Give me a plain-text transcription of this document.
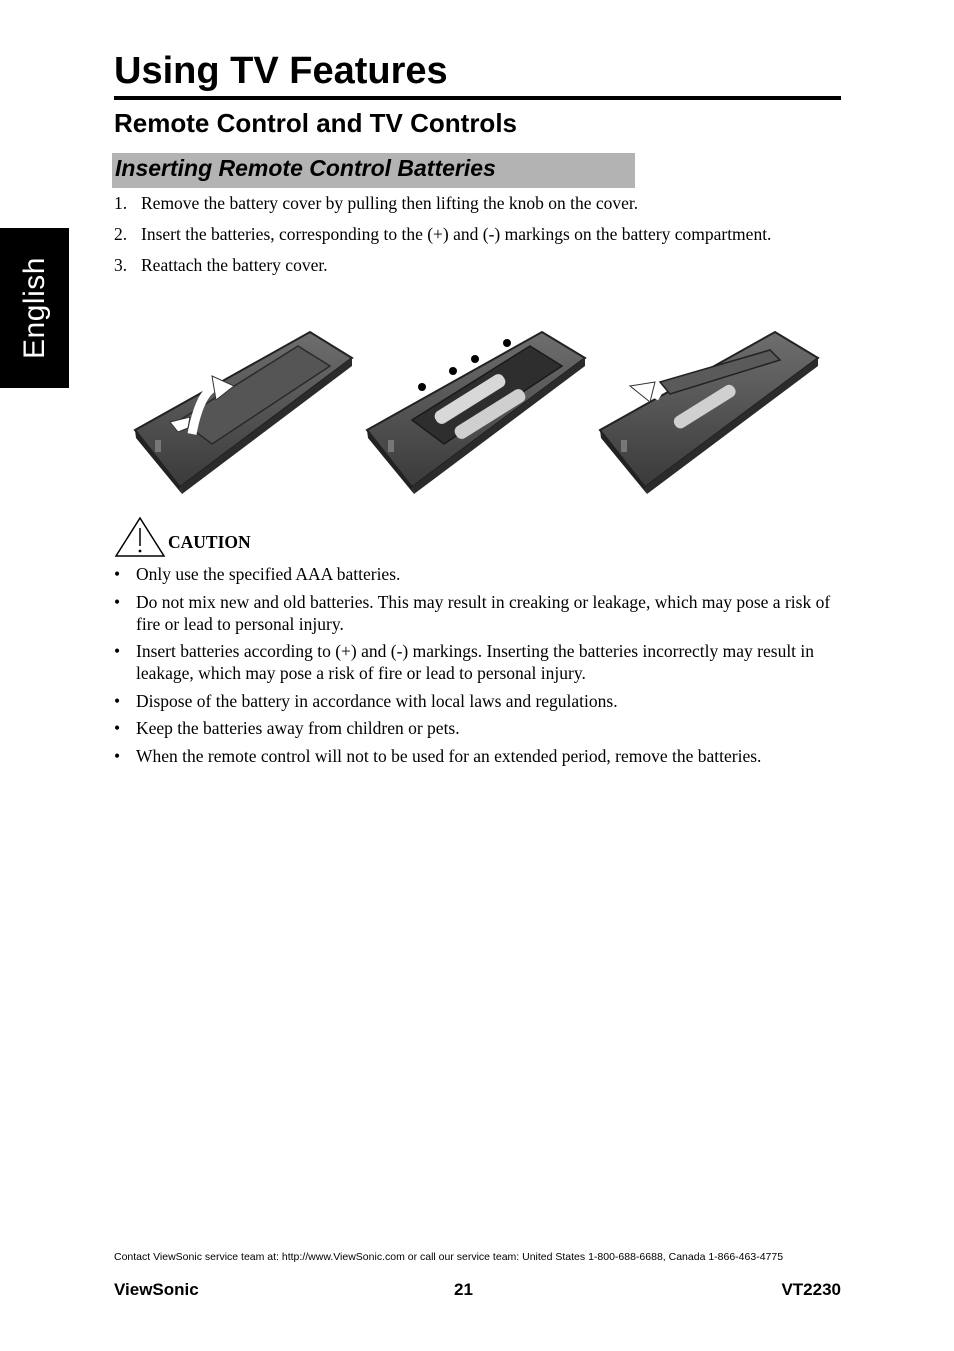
English
Using TV Features
Remote Control and TV Controls
Inserting Remote Control Batteries
1. Remove the battery cover by pulling then lifting the knob on the cover.
2. Insert the batteries, corresponding to the (+) and (-) markings on the battery compartment.
3. Reattach the battery cover.
CAUTION
• Only use the specified AAA batteries.
• Do not mix new and old batteries. This may result in creaking or leakage, which may pose a risk of fire or lead to personal injury.
• Insert batteries according to (+) and (-) markings. Inserting the batteries incorrectly may result in leakage, which may pose a risk of fire or lead to personal injury.
• Dispose of the battery in accordance with local laws and regulations.
• Keep the batteries away from children or pets.
• When the remote control will not to be used for an extended period, remove the batteries.
Contact ViewSonic service team at: http://www.ViewSonic.com or call our service team: United States 1-800-688-6688, Canada 1-866-463-4775
ViewSonic	21	VT2230
